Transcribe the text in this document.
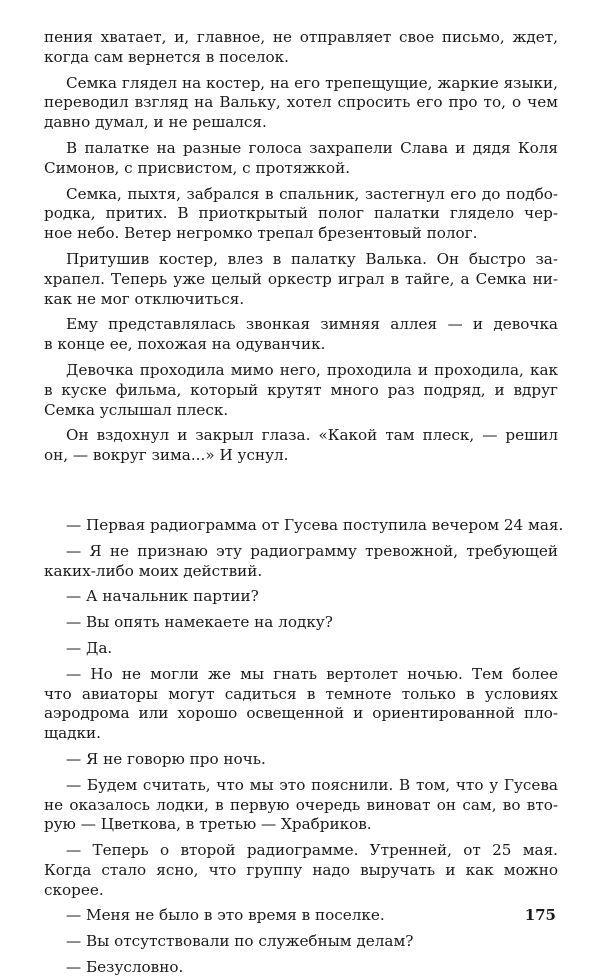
пения хватает, и, главное, не отправляет свое письмо, ждет,
когда сам вернется в поселок.
Семка глядел на костер, на его трепещущие, жаркие языки,
переводил взгляд на Вальку, хотел спросить его про то, о чем
давно думал, и не решался.
В палатке на разные голоса захрапели Слава и дядя Коля
Симонов, с присвистом, с протяжкой.
Семка, пыхтя, забрался в спальник, застегнул его до подбо-
родка, притих. В приоткрытый полог палатки глядело чер-
ное небо. Ветер негромко трепал брезентовый полог.
Притушив костер, влез в палатку Валька. Он быстро за-
храпел. Теперь уже целый оркестр играл в тайге, а Семка ни-
как не мог отключиться.
Ему представлялась звонкая зимняя аллея — и девочка
в конце ее, похожая на одуванчик.
Девочка проходила мимо него, проходила и проходила, как
в куске фильма, который крутят много раз подряд, и вдруг
Семка услышал плеск.
Он вздохнул и закрыл глаза. «Какой там плеск, — решил
он, — вокруг зима...» И уснул.
— Первая радиограмма от Гусева поступила вечером 24 мая.
— Я не признаю эту радиограмму тревожной, требующей
каких-либо моих действий.
— А начальник партии?
— Вы опять намекаете на лодку?
— Да.
— Но не могли же мы гнать вертолет ночью. Тем более
что авиаторы могут садиться в темноте только в условиях
аэродрома или хорошо освещенной и ориентированной пло-
щадки.
— Я не говорю про ночь.
— Будем считать, что мы это пояснили. В том, что у Гусева
не оказалось лодки, в первую очередь виноват он сам, во вто-
рую — Цветкова, в третью — Храбриков.
— Теперь о второй радиограмме. Утренней, от 25 мая.
Когда стало ясно, что группу надо выручать и как можно
скорее.
— Меня не было в это время в поселке.
— Вы отсутствовали по служебным делам?
— Безусловно.
175
